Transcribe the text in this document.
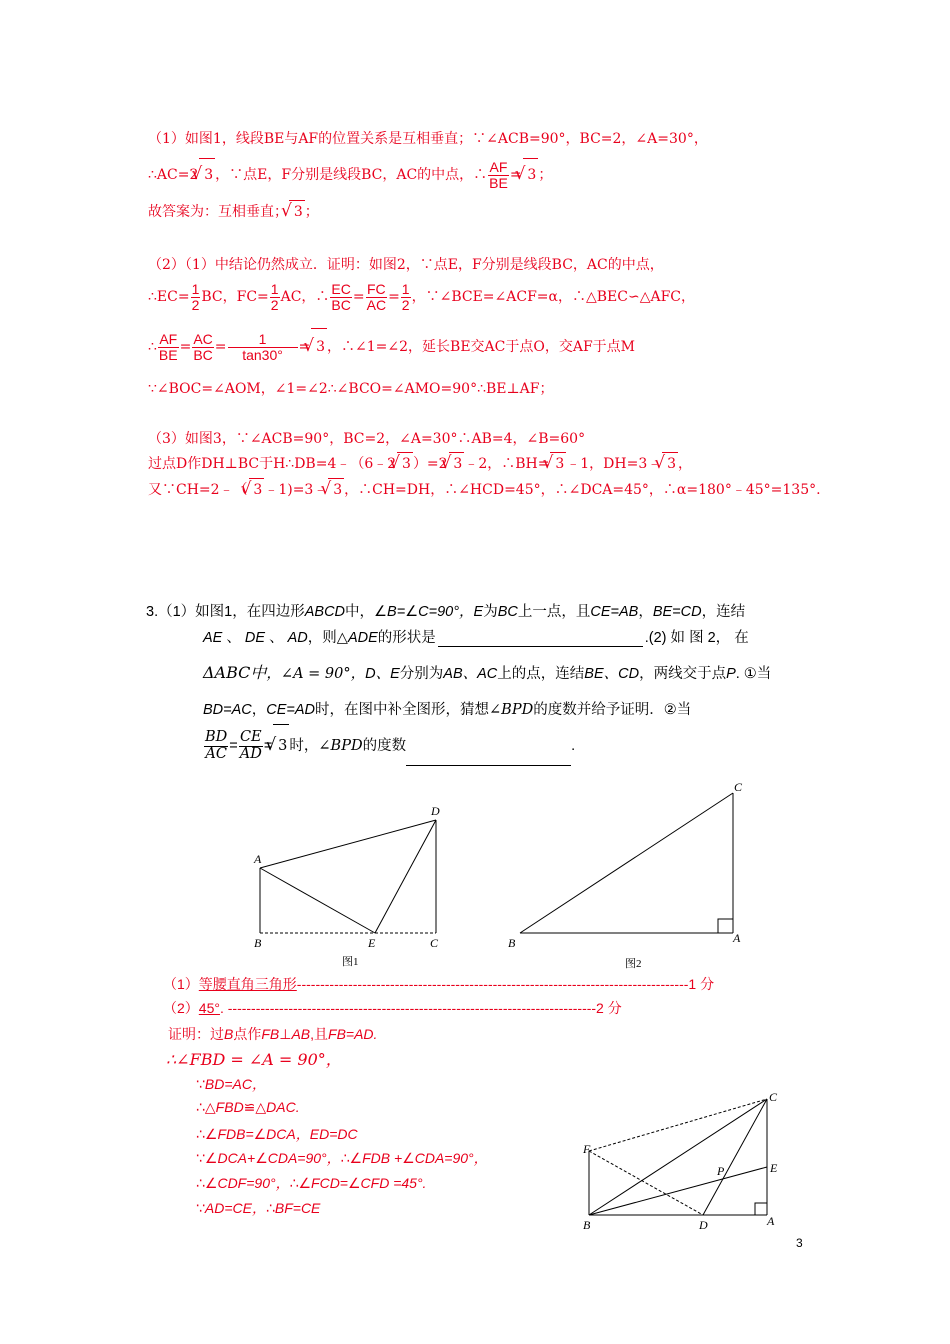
（1）如图1，线段BE与AF的位置关系是互相垂直；∵∠ACB=90°，BC=2，∠A=30°，
∴AC=2 √ 3 ，∵点E，F分别是线段BC，AC的中点，∴ $\frac{AF}{BE}$ = √ 3 ；
故答案为：互相垂直； √ 3 ；
（2）（1）中结论仍然成立．证明：如图2，∵点E，F分别是线段BC，AC的中点，
∴EC= $\frac{1}{2}$ BC，$FC= \frac{1}{2}$ AC，∴ $\frac{EC}{BC} = \frac{FC}{AC} = \frac{1}{2}$ ，∵∠BCE=∠ACF=α，∴△BEC∽△AFC，
∴ $\frac{AF}{BE} = \frac{AC}{BC} = \frac{1}{\tan 30^\circ}$ = √ 3 ，∴∠1=∠2，延长BE交AC于点O，交AF于点M
∵∠BOC=∠AOM，∠1=∠2∴∠BCO=∠AMO=90°∴BE⊥AF；
（3）如图3，∵∠ACB=90°，BC=2，∠A=30°∴AB=4，∠B=60°
过点D作DH⊥BC于H∴DB=4﹣（6﹣2 √ 3 ）=2 √ 3 ﹣2，∴BH= √ 3 ﹣1，DH=3﹣ √ 3 ，
又∵CH=2﹣（ √ 3 ﹣1)=3﹣ √ 3 ，∴CH=DH，∴∠HCD=45°，∴∠DCA=45°，∴α=180°﹣45°=135°.
3.（1）如图1，在四边形ABCD中，∠B=∠C=90°，E为BC上一点，且CE=AB，BE=CD，连结
AE 、 DE 、 AD，则△ADE的形状是	.(2) 如 图 2， 在
ΔABC中，∠A = 90°，D、E分别为AB、AC上的点，连结BE、CD，两线交于点P. ①当
BD=AC，CE=AD时，在图中补全图形，猜想∠BPD的度数并给予证明．②当
$\frac{BD}{AC} = \frac{CE}{AD}$ = √ 3 时，∠BPD的度数	.
A
B	C
D
E
图1
C
B	A
图2
（1）等腰直角三角形------------------------------------------------------------------------------------1 分
（2）45°. -------------------------------------------------------------------------------2 分
证明：过B点作FB⊥AB,且FB=AD.
∴∠FBD = ∠A = 90°，
∵BD=AC，
∴△FBD≌△DAC.
∴∠FDB=∠DCA，ED=DC
∵∠DCA+∠CDA=90°，∴∠FDB +∠CDA=90°，
∴∠CDF=90°，∴∠FCD=∠CFD =45°.
∵AD=CE，∴BF=CE
C
F
P	E
B	D	A
3
